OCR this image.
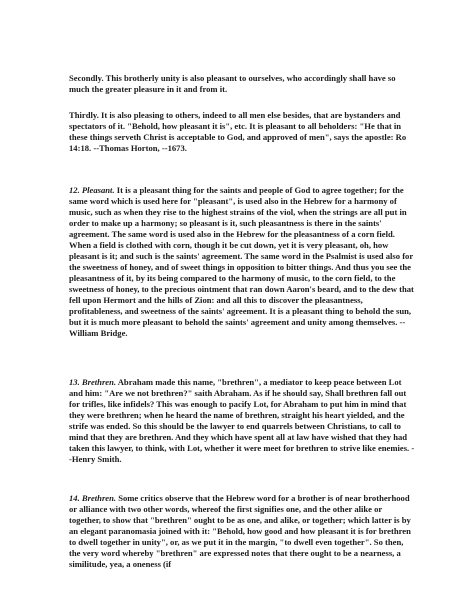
Secondly. This brotherly unity is also pleasant to ourselves, who accordingly shall have so much the greater pleasure in it and from it.

Thirdly. It is also pleasing to others, indeed to all men else besides, that are bystanders and spectators of it. "Behold, how pleasant it is", etc. It is pleasant to all beholders: "He that in these things serveth Christ is acceptable to God, and approved of men", says the apostle: Ro 14:18. --Thomas Horton, --1673.

12. Pleasant. It is a pleasant thing for the saints and people of God to agree together; for the same word which is used here for "pleasant", is used also in the Hebrew for a harmony of music, such as when they rise to the highest strains of the viol, when the strings are all put in order to make up a harmony; so pleasant is it, such pleasantness is there in the saints' agreement. The same word is used also in the Hebrew for the pleasantness of a corn field. When a field is clothed with corn, though it be cut down, yet it is very pleasant, oh, how pleasant is it; and such is the saints' agreement. The same word in the Psalmist is used also for the sweetness of honey, and of sweet things in opposition to bitter things. And thus you see the pleasantness of it, by its being compared to the harmony of music, to the corn field, to the sweetness of honey, to the precious ointment that ran down Aaron's beard, and to the dew that fell upon Hermort and the hills of Zion: and all this to discover the pleasantness, profitableness, and sweetness of the saints' agreement. It is a pleasant thing to behold the sun, but it is much more pleasant to behold the saints' agreement and unity among themselves. --William Bridge.

13. Brethren. Abraham made this name, "brethren", a mediator to keep peace between Lot and him: "Are we not brethren?" saith Abraham. As if he should say, Shall brethren fall out for trifles, like infidels? This was enough to pacify Lot, for Abraham to put him in mind that they were brethren; when he heard the name of brethren, straight his heart yielded, and the strife was ended. So this should be the lawyer to end quarrels between Christians, to call to mind that they are brethren. And they which have spent all at law have wished that they had taken this lawyer, to think, with Lot, whether it were meet for brethren to strive like enemies. --Henry Smith.

14. Brethren. Some critics observe that the Hebrew word for a brother is of near brotherhood or alliance with two other words, whereof the first signifies one, and the other alike or together, to show that "brethren" ought to be as one, and alike, or together; which latter is by an elegant paranomasia joined with it: "Behold, how good and how pleasant it is for brethren to dwell together in unity", or, as we put it in the margin, "to dwell even together". So then, the very word whereby "brethren" are expressed notes that there ought to be a nearness, a similitude, yea, a oneness (if
